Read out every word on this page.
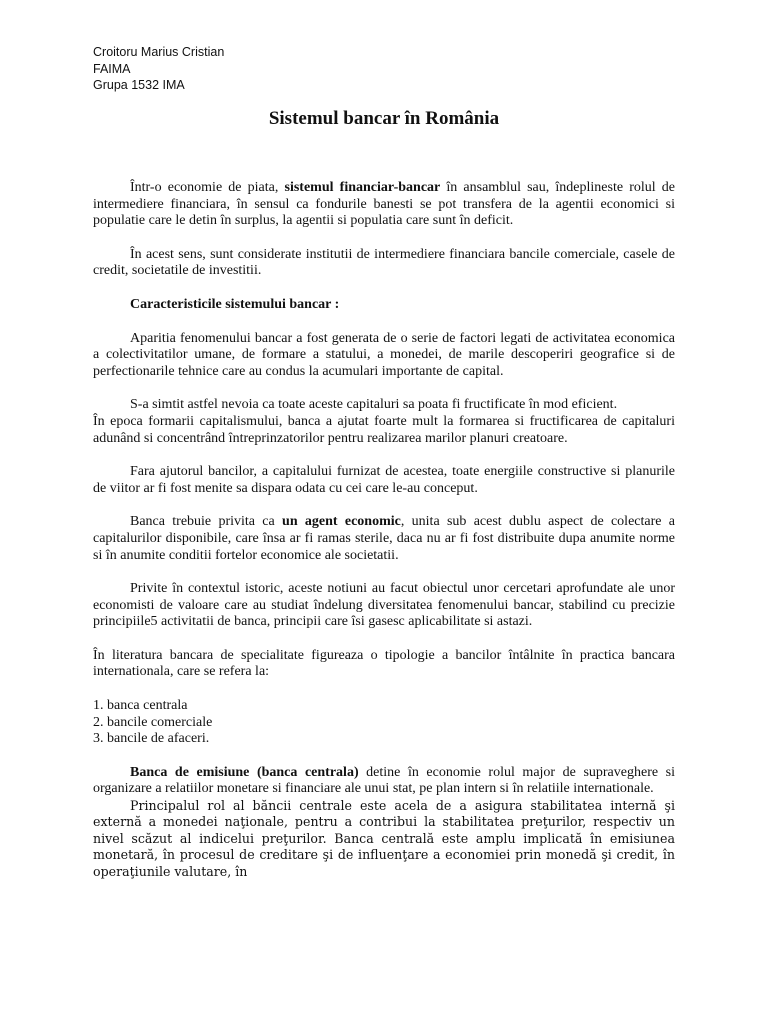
Croitoru Marius Cristian
FAIMA
Grupa 1532 IMA
Sistemul bancar în România

Într-o economie de piata, sistemul financiar-bancar în ansamblul sau, îndeplineste rolul de intermediere financiara, în sensul ca fondurile banesti se pot transfera de la agentii economici si populatie care le detin în surplus, la agentii si populatia care sunt în deficit.

În acest sens, sunt considerate institutii de intermediere financiara bancile comerciale, casele de credit, societatile de investitii.

Caracteristicile sistemului bancar :

Aparitia fenomenului bancar a fost generata de o serie de factori legati de activitatea economica a colectivitatilor umane, de formare a statului, a monedei, de marile descoperiri geografice si de perfectionarile tehnice care au condus la acumulari importante de capital.

S-a simtit astfel nevoia ca toate aceste capitaluri sa poata fi fructificate în mod eficient.

În epoca formarii capitalismului, banca a ajutat foarte mult la formarea si fructificarea de capitaluri adunând si concentrând întreprinzatorilor pentru realizarea marilor planuri creatoare.

Fara ajutorul bancilor, a capitalului furnizat de acestea, toate energiile constructive si planurile de viitor ar fi fost menite sa dispara odata cu cei care le-au conceput.

Banca trebuie privita ca un agent economic, unita sub acest dublu aspect de colectare a capitalurilor disponibile, care însa ar fi ramas sterile, daca nu ar fi fost distribuite dupa anumite norme si în anumite conditii fortelor economice ale societatii.

Privite în contextul istoric, aceste notiuni au facut obiectul unor cercetari aprofundate ale unor economisti de valoare care au studiat îndelung diversitatea fenomenului bancar, stabilind cu precizie principiile5 activitatii de banca, principii care îsi gasesc aplicabilitate si astazi.

În literatura bancara de specialitate figureaza o tipologie a bancilor întâlnite în practica bancara internationala, care se refera la:

1. banca centrala
2. bancile comerciale
3. bancile de afaceri.

Banca de emisiune (banca centrala) detine în economie rolul major de supraveghere si organizare a relatiilor monetare si financiare ale unui stat, pe plan intern si în relatiile internationale.

Principalul rol al băncii centrale este acela de a asigura stabilitatea internă şi externă a monedei naţionale, pentru a contribui la stabilitatea preţurilor, respectiv un nivel scăzut al indicelui preţurilor. Banca centrală este amplu implicată în emisiunea monetară, în procesul de creditare şi de influenţare a economiei prin monedă şi credit, în operaţiunile valutare, în
